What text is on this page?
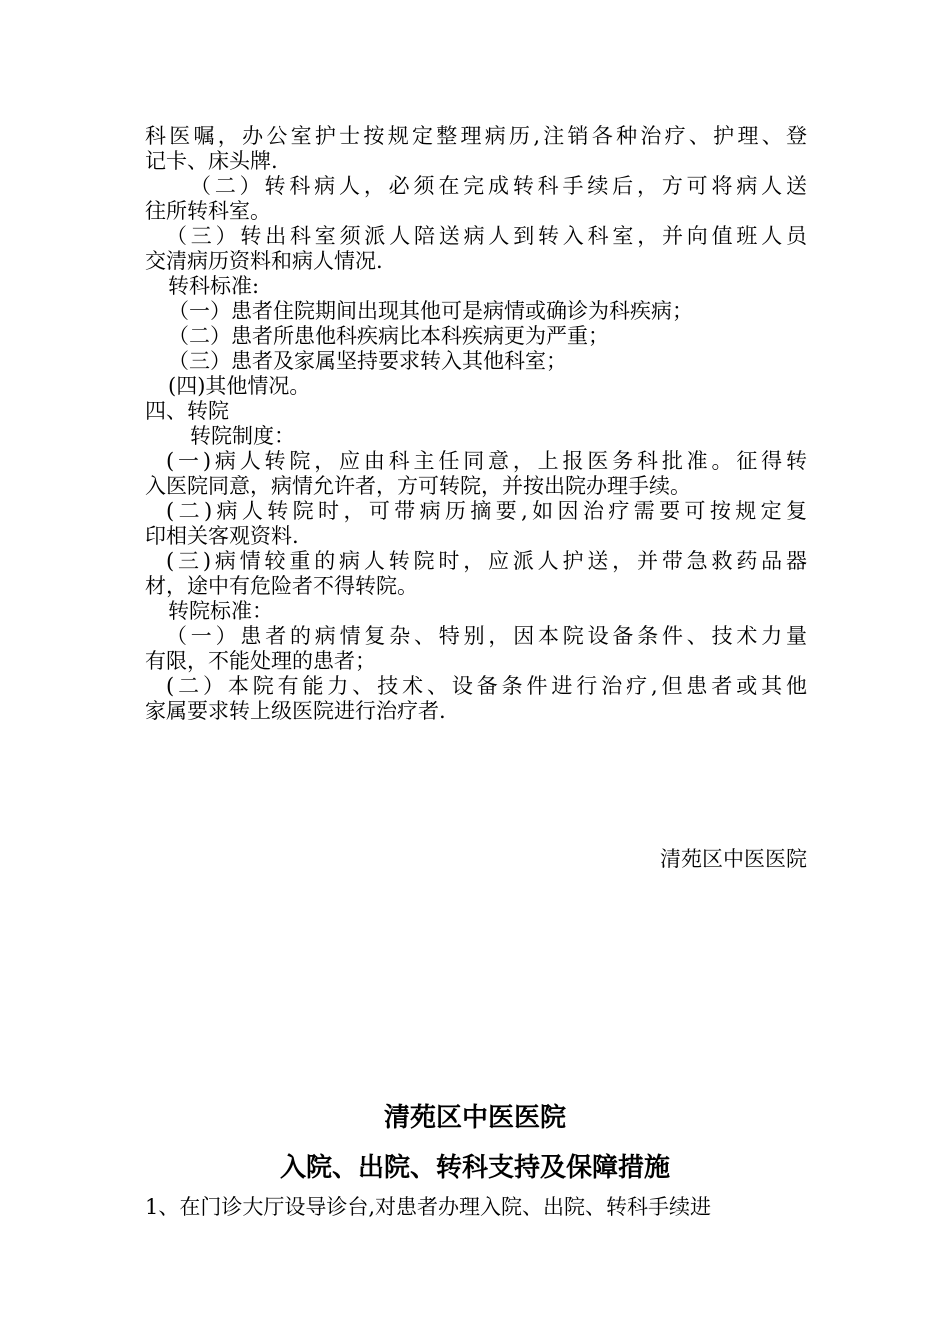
科医嘱，办公室护士按规定整理病历,注销各种治疗、护理、登
记卡、床头牌.
（二）转科病人，必须在完成转科手续后，方可将病人送
往所转科室。
（三）转出科室须派人陪送病人到转入科室，并向值班人员
交清病历资料和病人情况.
转科标准:
（一）患者住院期间出现其他可是病情或确诊为科疾病；
（二）患者所患他科疾病比本科疾病更为严重；
（三）患者及家属坚持要求转入其他科室；
(四)其他情况。
四、转院
转院制度：
(一)病人转院，应由科主任同意，上报医务科批准。征得转
入医院同意，病情允许者，方可转院，并按出院办理手续。
(二)病人转院时，可带病历摘要,如因治疗需要可按规定复
印相关客观资料.
(三)病情较重的病人转院时，应派人护送，并带急救药品器
材，途中有危险者不得转院。
转院标准：
（一）患者的病情复杂、特别，因本院设备条件、技术力量
有限，不能处理的患者；
(二）本院有能力、技术、设备条件进行治疗,但患者或其他
家属要求转上级医院进行治疗者.
清苑区中医医院
清苑区中医医院
入院、出院、转科支持及保障措施
1、在门诊大厅设导诊台,对患者办理入院、出院、转科手续进
